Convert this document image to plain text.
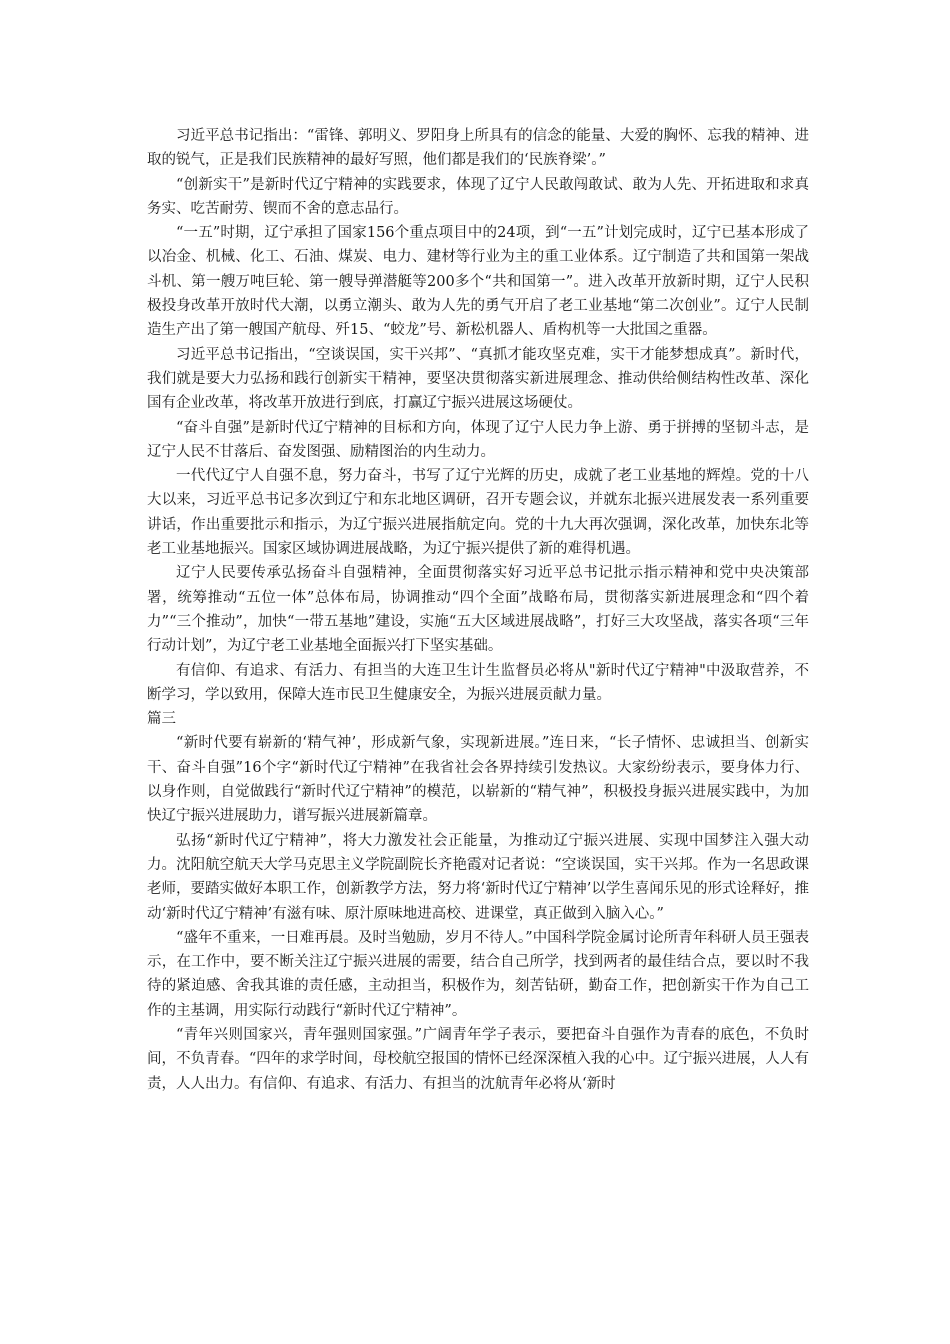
习近平总书记指出：“雷锋、郭明义、罗阳身上所具有的信念的能量、大爱的胸怀、忘我的精神、进取的锐气，正是我们民族精神的最好写照，他们都是我们的‘民族脊梁’。”

“创新实干”是新时代辽宁精神的实践要求，体现了辽宁人民敢闯敢试、敢为人先、开拓进取和求真务实、吃苦耐劳、锲而不舍的意志品行。

“一五”时期，辽宁承担了国家156个重点项目中的24项，到“一五”计划完成时，辽宁已基本形成了以冶金、机械、化工、石油、煤炭、电力、建材等行业为主的重工业体系。辽宁制造了共和国第一架战斗机、第一艘万吨巨轮、第一艘导弹潜艇等200多个“共和国第一”。进入改革开放新时期，辽宁人民积极投身改革开放时代大潮，以勇立潮头、敢为人先的勇气开启了老工业基地“第二次创业”。辽宁人民制造生产出了第一艘国产航母、歼15、“蛟龙”号、新松机器人、盾构机等一大批国之重器。

习近平总书记指出，“空谈误国，实干兴邦”、“真抓才能攻坚克难，实干才能梦想成真”。新时代，我们就是要大力弘扬和践行创新实干精神，要坚决贯彻落实新进展理念、推动供给侧结构性改革、深化国有企业改革，将改革开放进行到底，打赢辽宁振兴进展这场硬仗。

“奋斗自强”是新时代辽宁精神的目标和方向，体现了辽宁人民力争上游、勇于拼搏的坚韧斗志，是辽宁人民不甘落后、奋发图强、励精图治的内生动力。

一代代辽宁人自强不息，努力奋斗，书写了辽宁光辉的历史，成就了老工业基地的辉煌。党的十八大以来，习近平总书记多次到辽宁和东北地区调研，召开专题会议，并就东北振兴进展发表一系列重要讲话，作出重要批示和指示，为辽宁振兴进展指航定向。党的十九大再次强调，深化改革，加快东北等老工业基地振兴。国家区域协调进展战略，为辽宁振兴提供了新的难得机遇。

辽宁人民要传承弘扬奋斗自强精神，全面贯彻落实好习近平总书记批示指示精神和党中央决策部署，统筹推动“五位一体”总体布局，协调推动“四个全面”战略布局，贯彻落实新进展理念和“四个着力”“三个推动”，加快“一带五基地”建设，实施“五大区域进展战略”，打好三大攻坚战，落实各项“三年行动计划”，为辽宁老工业基地全面振兴打下坚实基础。

有信仰、有追求、有活力、有担当的大连卫生计生监督员必将从"新时代辽宁精神"中汲取营养，不断学习，学以致用，保障大连市民卫生健康安全，为振兴进展贡献力量。

篇三

“新时代要有崭新的‘精气神’，形成新气象，实现新进展。”连日来，“长子情怀、忠诚担当、创新实干、奋斗自强”16个字“新时代辽宁精神”在我省社会各界持续引发热议。大家纷纷表示，要身体力行、以身作则，自觉做践行“新时代辽宁精神”的模范，以崭新的“精气神”，积极投身振兴进展实践中，为加快辽宁振兴进展助力，谱写振兴进展新篇章。

弘扬“新时代辽宁精神”，将大力激发社会正能量，为推动辽宁振兴进展、实现中国梦注入强大动力。沈阳航空航天大学马克思主义学院副院长齐艳霞对记者说：“空谈误国，实干兴邦。作为一名思政课老师，要踏实做好本职工作，创新教学方法，努力将‘新时代辽宁精神’以学生喜闻乐见的形式诠释好，推动‘新时代辽宁精神’有滋有味、原汁原味地进高校、进课堂，真正做到入脑入心。”

“盛年不重来，一日难再晨。及时当勉励，岁月不待人。”中国科学院金属讨论所青年科研人员王强表示，在工作中，要不断关注辽宁振兴进展的需要，结合自己所学，找到两者的最佳结合点，要以时不我待的紧迫感、舍我其谁的责任感，主动担当，积极作为，刻苦钻研，勤奋工作，把创新实干作为自己工作的主基调，用实际行动践行“新时代辽宁精神”。

“青年兴则国家兴，青年强则国家强。”广阔青年学子表示，要把奋斗自强作为青春的底色，不负时间，不负青春。“四年的求学时间，母校航空报国的情怀已经深深植入我的心中。辽宁振兴进展，人人有责，人人出力。有信仰、有追求、有活力、有担当的沈航青年必将从‘新时
